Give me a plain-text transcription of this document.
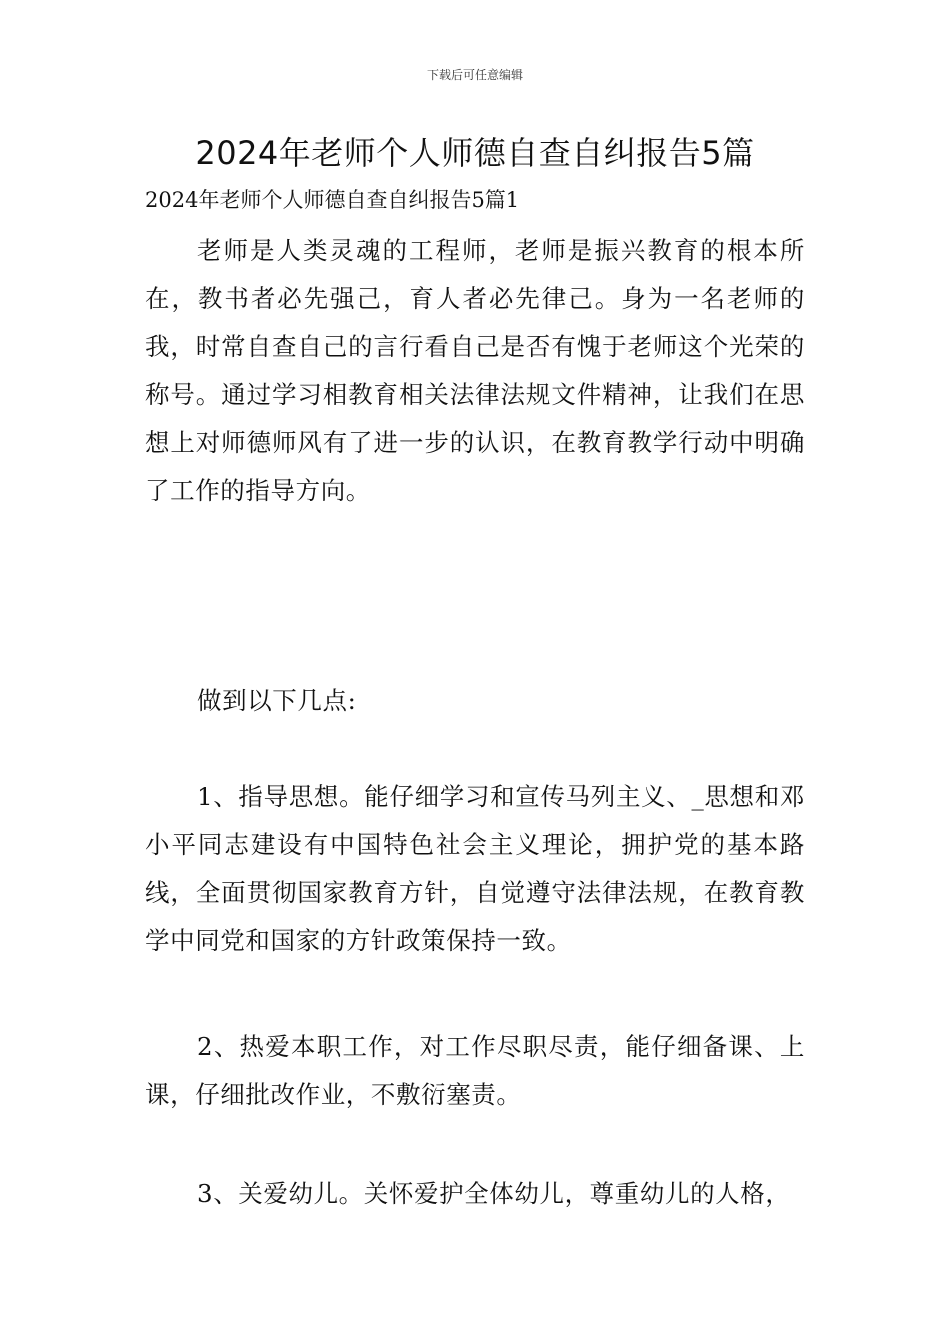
下载后可任意编辑
2024年老师个人师德自查自纠报告5篇
2024年老师个人师德自查自纠报告5篇1

老师是人类灵魂的工程师，老师是振兴教育的根本所在，教书者必先强己，育人者必先律己。身为一名老师的我，时常自查自己的言行看自己是否有愧于老师这个光荣的称号。通过学习相教育相关法律法规文件精神，让我们在思想上对师德师风有了进一步的认识，在教育教学行动中明确了工作的指导方向。

做到以下几点:

1、指导思想。能仔细学习和宣传马列主义、_思想和邓小平同志建设有中国特色社会主义理论，拥护党的基本路线，全面贯彻国家教育方针，自觉遵守法律法规，在教育教学中同党和国家的方针政策保持一致。

2、热爱本职工作，对工作尽职尽责，能仔细备课、上课，仔细批改作业，不敷衍塞责。

3、关爱幼儿。关怀爱护全体幼儿，尊重幼儿的人格，
